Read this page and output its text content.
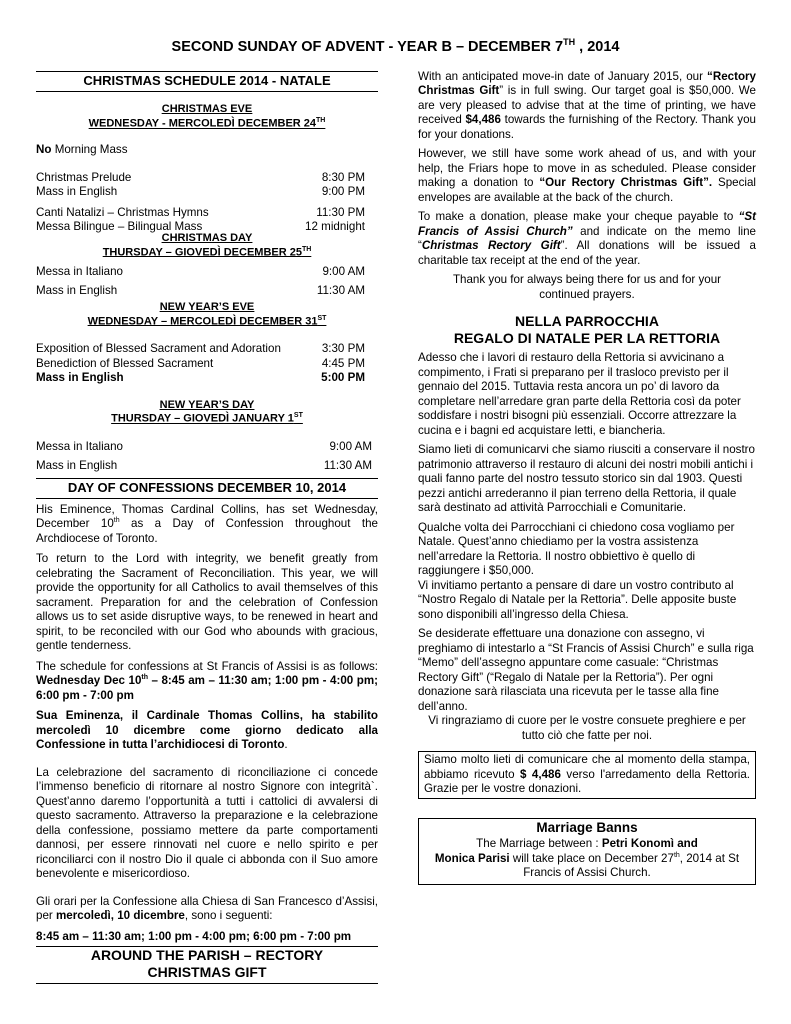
SECOND SUNDAY OF ADVENT - YEAR B – DECEMBER 7TH , 2014
CHRISTMAS SCHEDULE 2014 - NATALE
CHRISTMAS EVE
WEDNESDAY - MERCOLEDÌ DECEMBER 24TH
No Morning Mass
Christmas Prelude	8:30 PM
Mass in English	9:00 PM
Canti Natalizi – Christmas Hymns	11:30 PM
Messa Bilingue – Bilingual Mass	12 midnight
CHRISTMAS DAY
THURSDAY – GIOVEDÌ DECEMBER 25TH
Messa in Italiano	9:00 AM
Mass in English	11:30 AM
NEW YEAR’S EVE
WEDNESDAY – MERCOLEDÌ DECEMBER 31ST
Exposition of Blessed Sacrament and Adoration	3:30 PM
Benediction of Blessed Sacrament	4:45 PM
Mass in English	5:00 PM
NEW YEAR’S DAY
THURSDAY – GIOVEDÌ JANUARY 1ST
Messa in Italiano	9:00 AM
Mass in English	11:30 AM
DAY OF CONFESSIONS DECEMBER 10, 2014

His Eminence, Thomas Cardinal Collins, has set Wednesday, December 10th as a Day of Confession throughout the Archdiocese of Toronto.

To return to the Lord with integrity, we benefit greatly from celebrating the Sacrament of Reconciliation. This year, we will provide the opportunity for all Catholics to avail themselves of this sacrament. Preparation for and the celebration of Confession allows us to set aside disruptive ways, to be renewed in heart and spirit, to be reconciled with our God who abounds with gracious, gentle tenderness.

The schedule for confessions at St Francis of Assisi is as follows: Wednesday Dec 10th – 8:45 am – 11:30 am; 1:00 pm - 4:00 pm; 6:00 pm - 7:00 pm

Sua Eminenza, il Cardinale Thomas Collins, ha stabilito mercoledì 10 dicembre come giorno dedicato alla Confessione in tutta l’archidiocesi di Toronto.

La celebrazione del sacramento di riconciliazione ci concede l’immenso beneficio di ritornare al nostro Signore con integrità`. Quest’anno daremo l’opportunità a tutti i cattolici di avvalersi di questo sacramento. Attraverso la preparazione e la celebrazione della confessione, possiamo mettere da parte comportamenti dannosi, per essere rinnovati nel cuore e nello spirito e per riconciliarci con il nostro Dio il quale ci abbonda con il Suo amore benevolente e misericordioso.

Gli orari per la Confessione alla Chiesa di San Francesco d’Assisi, per mercoledì, 10 dicembre, sono i seguenti:

8:45 am – 11:30 am; 1:00 pm - 4:00 pm; 6:00 pm - 7:00 pm

AROUND THE PARISH – RECTORY
CHRISTMAS GIFT

With an anticipated move-in date of January 2015, our “Rectory Christmas Gift” is in full swing. Our target goal is $50,000. We are very pleased to advise that at the time of printing, we have received $4,486 towards the furnishing of the Rectory. Thank you for your donations.

However, we still have some work ahead of us, and with your help, the Friars hope to move in as scheduled. Please consider making a donation to “Our Rectory Christmas Gift”. Special envelopes are available at the back of the church.

To make a donation, please make your cheque payable to “St Francis of Assisi Church” and indicate on the memo line “Christmas Rectory Gift”. All donations will be issued a charitable tax receipt at the end of the year.

Thank you for always being there for us and for your continued prayers.

NELLA PARROCCHIA
REGALO DI NATALE PER LA RETTORIA

Adesso che i lavori di restauro della Rettoria si avvicinano a compimento, i Frati si preparano per il trasloco previsto per il gennaio del 2015. Tuttavia resta ancora un po’ di lavoro da completare nell’arredare gran parte della Rettoria così da poter soddisfare i nostri bisogni più essenziali. Occorre attrezzare la cucina e i bagni ed acquistare letti, e biancheria.

Siamo lieti di comunicarvi che siamo riusciti a conservare il nostro patrimonio attraverso il restauro di alcuni dei nostri mobili antichi i quali fanno parte del nostro tessuto storico sin dal 1903. Questi pezzi antichi arrederanno il pian terreno della Rettoria, il quale sarà destinato ad attività Parrocchiali e Comunitarie.

Qualche volta dei Parrocchiani ci chiedono cosa vogliamo per Natale. Quest’anno chiediamo per la vostra assistenza nell’arredare la Rettoria. Il nostro obbiettivo è quello di raggiungere i $50,000.

Vi invitiamo pertanto a pensare di dare un vostro contributo al “Nostro Regalo di Natale per la Rettoria”. Delle apposite buste sono disponibili all’ingresso della Chiesa.

Se desiderate effettuare una donazione con assegno, vi preghiamo di intestarlo a “St Francis of Assisi Church” e sulla riga “Memo” dell’assegno appuntare come casuale: “Christmas Rectory Gift” (“Regalo di Natale per la Rettoria”). Per ogni donazione sarà rilasciata una ricevuta per le tasse alla fine dell’anno.

Vi ringraziamo di cuore per le vostre consuete preghiere e per tutto ciò che fatte per noi.

Siamo molto lieti di comunicare che al momento della stampa, abbiamo ricevuto $ 4,486 verso l'arredamento della Rettoria. Grazie per le vostre donazioni.
Marriage Banns
The Marriage between : Petri Konomì and
Monica Parisi will take place on December 27th, 2014 at St Francis of Assisi Church.
